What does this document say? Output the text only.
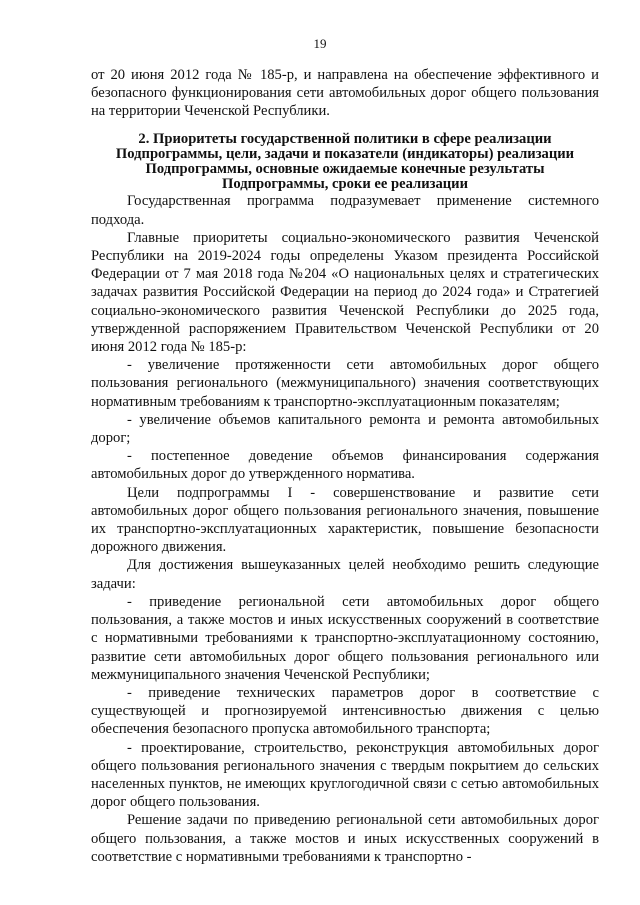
19

от 20 июня 2012 года № 185-р, и направлена на обеспечение эффективного и безопасного функционирования сети автомобильных дорог общего пользования на территории Чеченской Республики.

2. Приоритеты государственной политики в сфере реализации
Подпрограммы, цели, задачи и показатели (индикаторы) реализации
Подпрограммы, основные ожидаемые конечные результаты
Подпрограммы, сроки ее реализации

Государственная программа подразумевает применение системного подхода.

Главные приоритеты социально-экономического развития Чеченской Республики на 2019-2024 годы определены Указом президента Российской Федерации от 7 мая 2018 года №204 «О национальных целях и стратегических задачах развития Российской Федерации на период до 2024 года» и Стратегией социально-экономического развития Чеченской Республики до 2025 года, утвержденной распоряжением Правительством Чеченской Республики от 20 июня 2012 года № 185-р:

- увеличение протяженности сети автомобильных дорог общего пользования регионального (межмуниципального) значения соответствующих нормативным требованиям к транспортно-эксплуатационным показателям;

- увеличение объемов капитального ремонта и ремонта автомобильных дорог;

- постепенное доведение объемов финансирования содержания автомобильных дорог до утвержденного норматива.

Цели подпрограммы I - совершенствование и развитие сети автомобильных дорог общего пользования регионального значения, повышение их транспортно-эксплуатационных характеристик, повышение безопасности дорожного движения.

Для достижения вышеуказанных целей необходимо решить следующие задачи:

- приведение региональной сети автомобильных дорог общего пользования, а также мостов и иных искусственных сооружений в соответствие с нормативными требованиями к транспортно-эксплуатационному состоянию, развитие сети автомобильных дорог общего пользования регионального или межмуниципального значения Чеченской Республики;

- приведение технических параметров дорог в соответствие с существующей и прогнозируемой интенсивностью движения с целью обеспечения безопасного пропуска автомобильного транспорта;

- проектирование, строительство, реконструкция автомобильных дорог общего пользования регионального значения с твердым покрытием до сельских населенных пунктов, не имеющих круглогодичной связи с сетью автомобильных дорог общего пользования.

Решение задачи по приведению региональной сети автомобильных дорог общего пользования, а также мостов и иных искусственных сооружений в соответствие с нормативными требованиями к транспортно -
